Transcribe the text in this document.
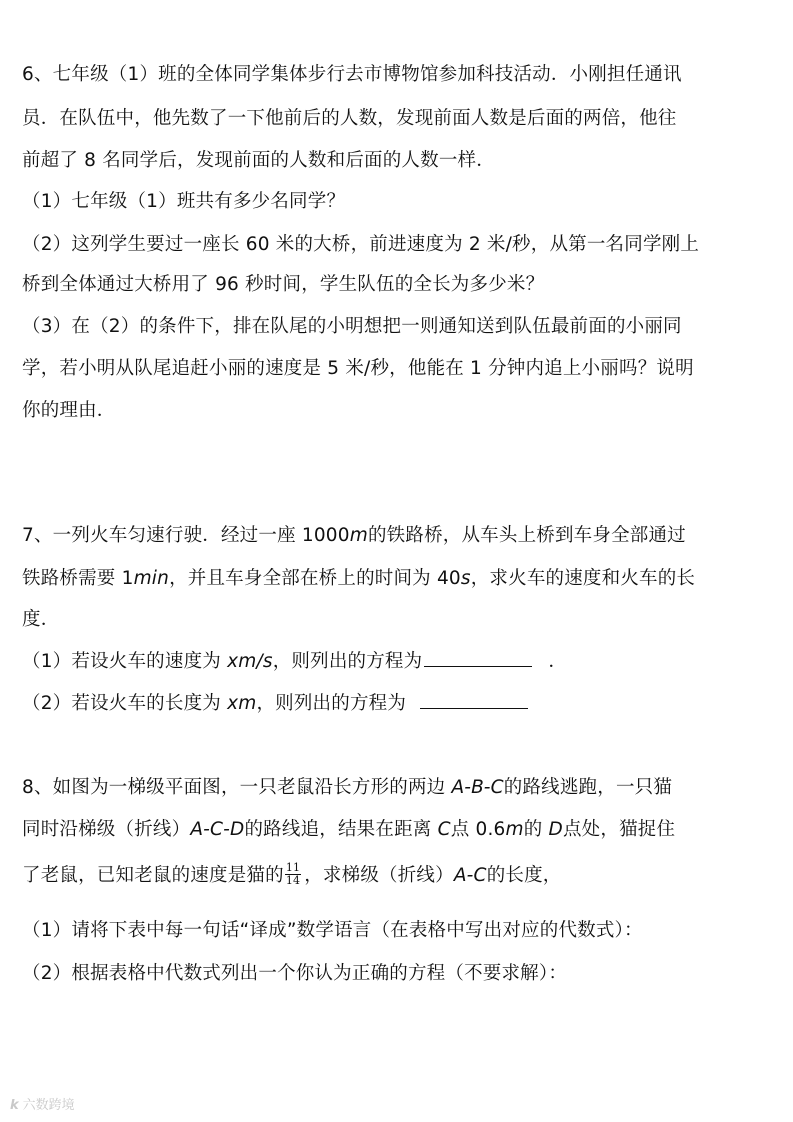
6、七年级（1）班的全体同学集体步行去市博物馆参加科技活动．小刚担任通讯
员．在队伍中，他先数了一下他前后的人数，发现前面人数是后面的两倍，他往
前超了 8 名同学后，发现前面的人数和后面的人数一样．
（1）七年级（1）班共有多少名同学？
（2）这列学生要过一座长 60 米的大桥，前进速度为 2 米/秒，从第一名同学刚上
桥到全体通过大桥用了 96 秒时间，学生队伍的全长为多少米？
（3）在（2）的条件下，排在队尾的小明想把一则通知送到队伍最前面的小丽同
学，若小明从队尾追赶小丽的速度是 5 米/秒，他能在 1 分钟内追上小丽吗？说明
你的理由．
7、一列火车匀速行驶．经过一座 1000m的铁路桥，从车头上桥到车身全部通过
铁路桥需要 1min，并且车身全部在桥上的时间为 40s，求火车的速度和火车的长
度．
（1）若设火车的速度为 xm/s，则列出的方程为	．
（2）若设火车的长度为 xm，则列出的方程为
8、如图为一梯级平面图，一只老鼠沿长方形的两边 A-B-C的路线逃跑，一只猫
同时沿梯级（折线）A-C-D的路线追，结果在距离 C点 0.6m的 D点处，猫捉住
了老鼠，已知老鼠的速度是猫的 $\frac{11}{14}$ ，求梯级（折线）A-C的长度，
（1）请将下表中每一句话“译成”数学语言（在表格中写出对应的代数式）：
（2）根据表格中代数式列出一个你认为正确的方程（不要求解）：
k 六数跨境
